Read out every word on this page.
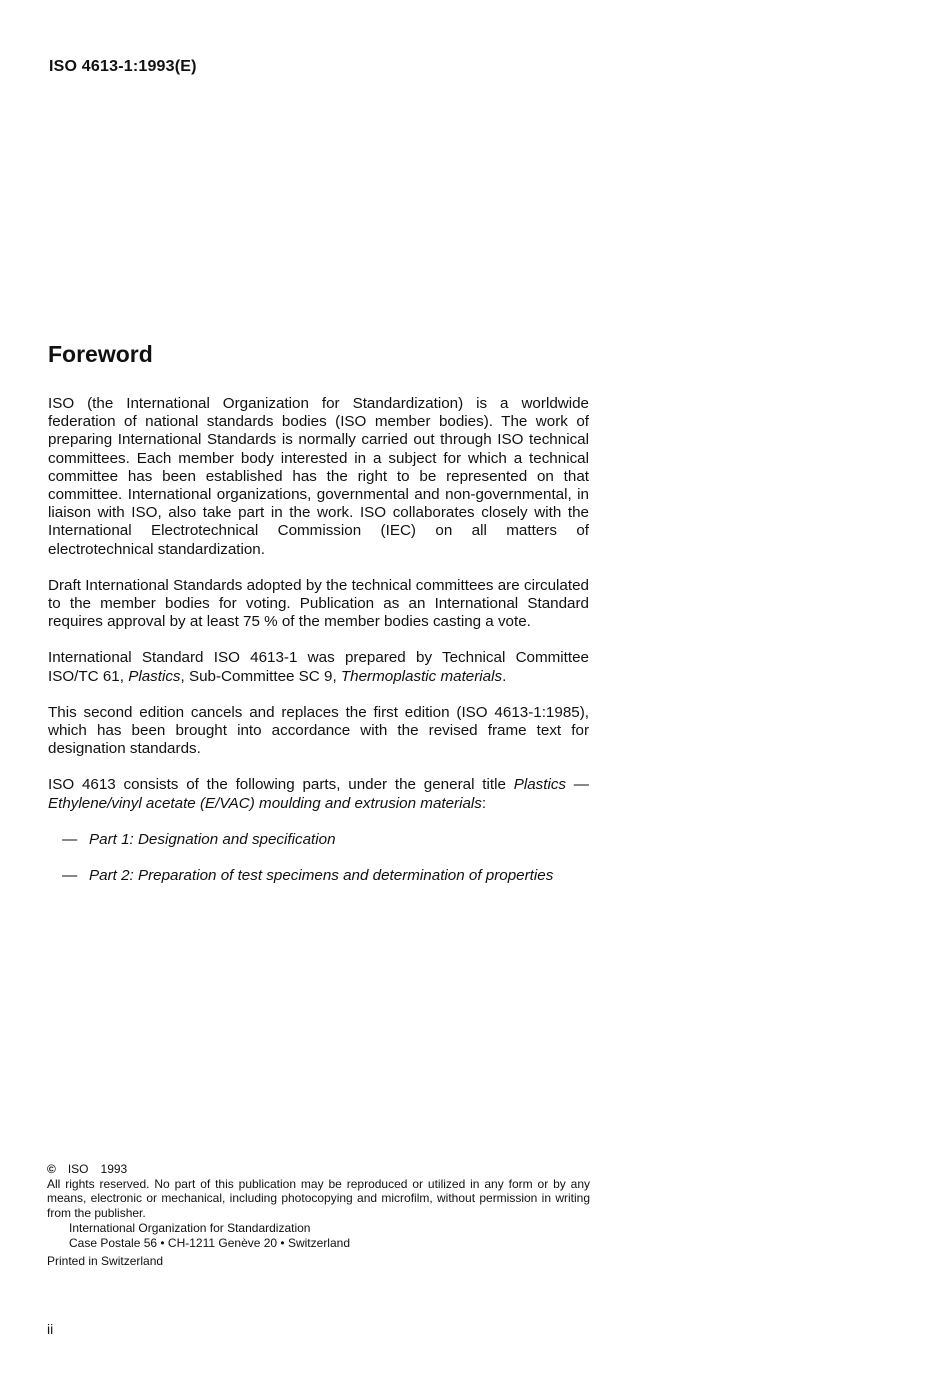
ISO 4613-1:1993(E)
Foreword

ISO (the International Organization for Standardization) is a worldwide federation of national standards bodies (ISO member bodies). The work of preparing International Standards is normally carried out through ISO technical committees. Each member body interested in a subject for which a technical committee has been established has the right to be represented on that committee. International organizations, governmental and non-governmental, in liaison with ISO, also take part in the work. ISO collaborates closely with the International Electrotechnical Commission (IEC) on all matters of electrotechnical standardization.

Draft International Standards adopted by the technical committees are circulated to the member bodies for voting. Publication as an International Standard requires approval by at least 75 % of the member bodies casting a vote.

International Standard ISO 4613-1 was prepared by Technical Committee ISO/TC 61, Plastics, Sub-Committee SC 9, Thermoplastic materials.

This second edition cancels and replaces the first edition (ISO 4613-1:1985), which has been brought into accordance with the revised frame text for designation standards.

ISO 4613 consists of the following parts, under the general title Plastics — Ethylene/vinyl acetate (E/VAC) moulding and extrusion materials:

— Part 1: Designation and specification
— Part 2: Preparation of test specimens and determination of properties
© ISO 1993

All rights reserved. No part of this publication may be reproduced or utilized in any form or by any means, electronic or mechanical, including photocopying and microfilm, without permission in writing from the publisher.

International Organization for Standardization
Case Postale 56 • CH-1211 Genève 20 • Switzerland
Printed in Switzerland
ii
